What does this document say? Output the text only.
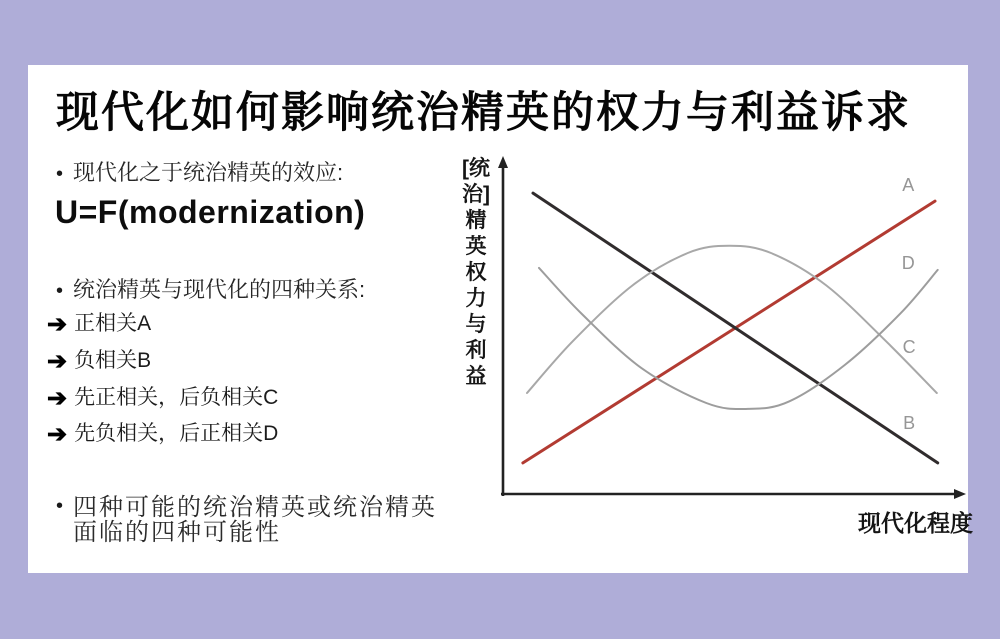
现代化如何影响统治精英的权力与利益诉求
• 现代化之于统治精英的效应:
U=F(modernization)
• 统治精英与现代化的四种关系:
➔ 正相关A
➔ 负相关B
➔ 先正相关，后负相关C
➔ 先负相关，后正相关D
• 四种可能的统治精英或统治精英面临的四种可能性
[统
治]
精
英
权
力
与
利
益
A
B
C
D
现代化程度
